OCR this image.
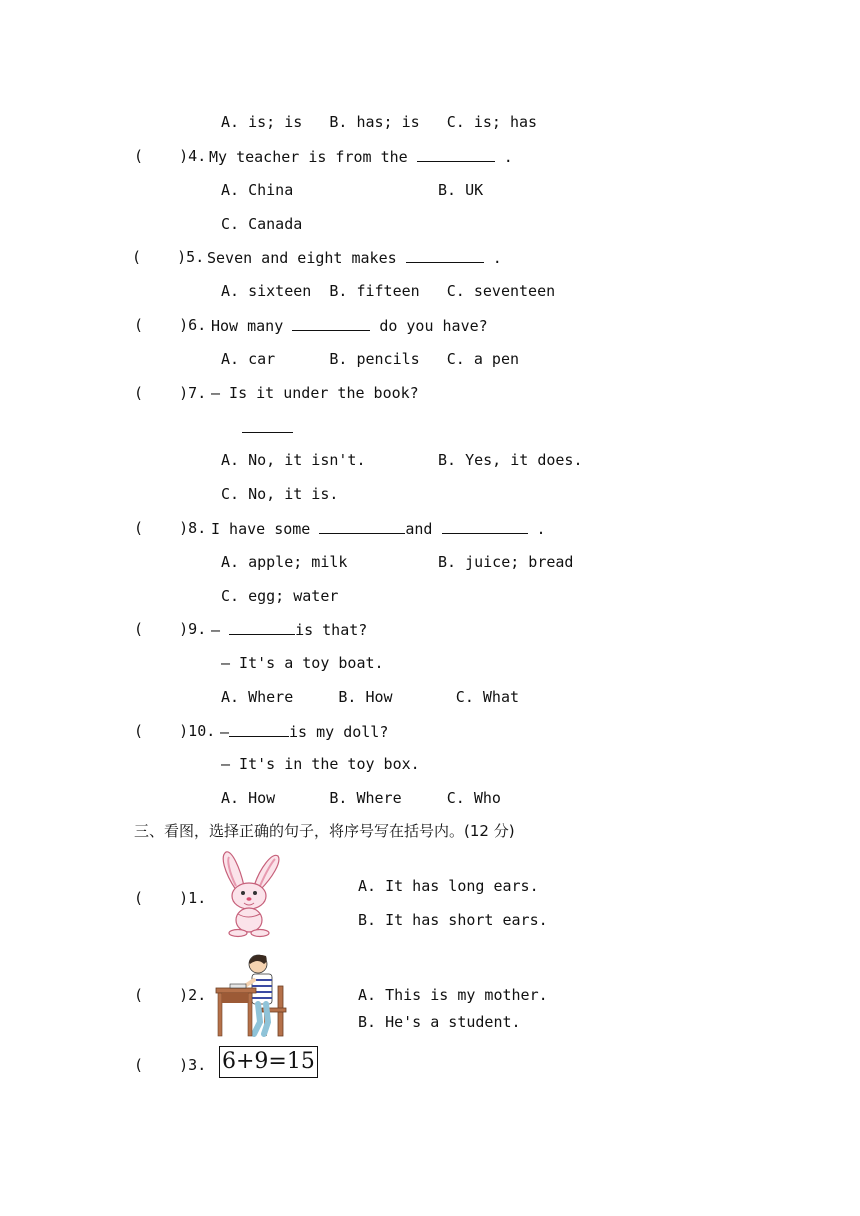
A. is; is   B. has; is   C. is; has
(    )4. My teacher is from the	.
A. China	B. UK
C. Canada
(    )5. Seven and eight makes	.
A. sixteen  B. fifteen   C. seventeen
(    )6. How many	do you have?
A. car      B. pencils   C. a pen
(    )7. — Is it under the book?
A. No, it isn't.	B. Yes, it does.
C. No, it is.
(    )8. I have some	and	.
A. apple; milk	B. juice; bread
C. egg; water
(    )9. —	is that?
— It's a toy boat.
A. Where     B. How       C. What
(    )10. —	is my doll?
— It's in the toy box.
A. How      B. Where     C. Who
三、看图，选择正确的句子，将序号写在括号内。(12 分)
(    )1.
A. It has long ears.
B. It has short ears.
(    )2.	A. This is my mother.
B. He's a student.
(    )3. 6+9=15
